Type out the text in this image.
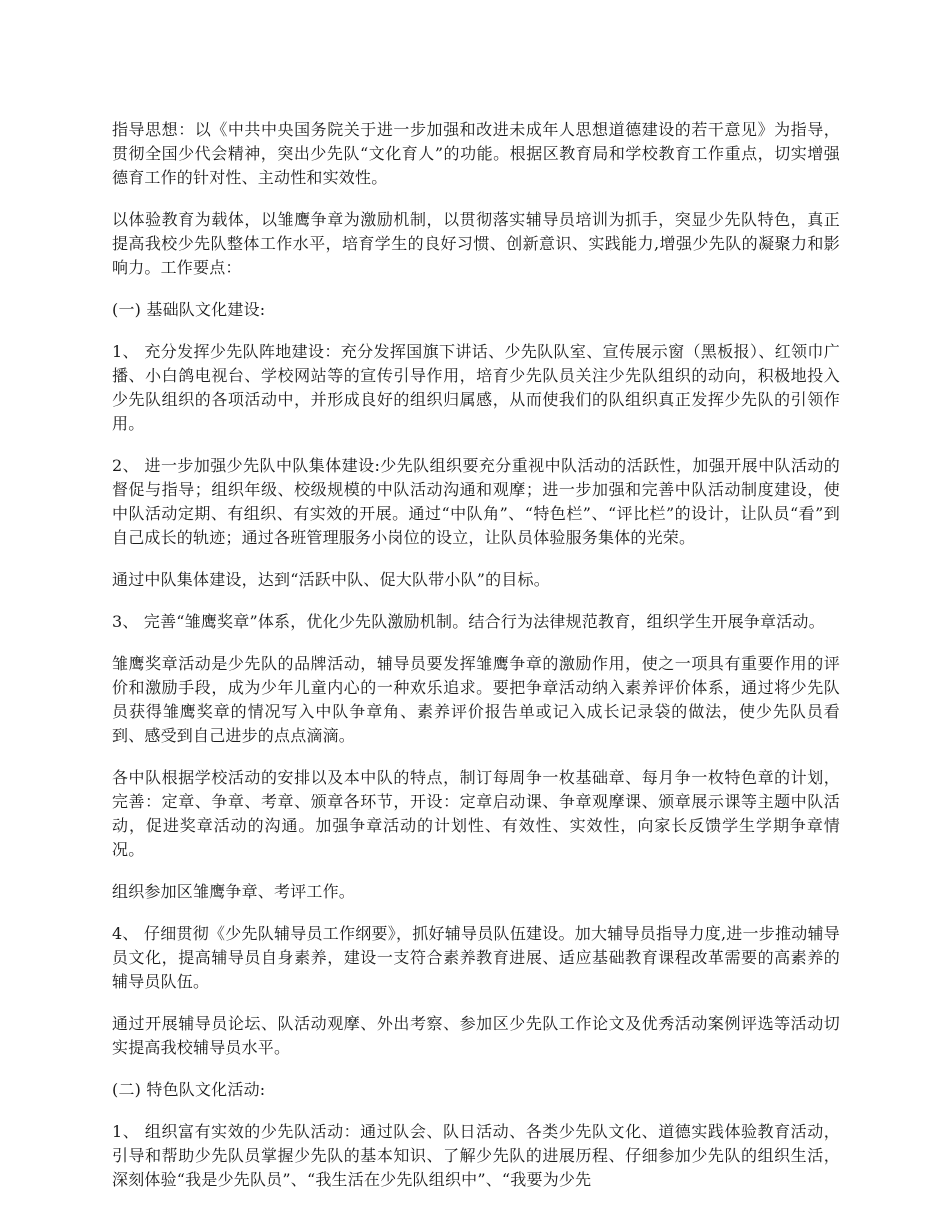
指导思想：以《中共中央国务院关于进一步加强和改进未成年人思想道德建设的若干意见》为指导，贯彻全国少代会精神，突出少先队“文化育人”的功能。根据区教育局和学校教育工作重点，切实增强德育工作的针对性、主动性和实效性。

以体验教育为载体，以雏鹰争章为激励机制，以贯彻落实辅导员培训为抓手，突显少先队特色，真正提高我校少先队整体工作水平，培育学生的良好习惯、创新意识、实践能力,增强少先队的凝聚力和影响力。工作要点：

(一) 基础队文化建设:

1、 充分发挥少先队阵地建设：充分发挥国旗下讲话、少先队队室、宣传展示窗（黑板报）、红领巾广播、小白鸽电视台、学校网站等的宣传引导作用，培育少先队员关注少先队组织的动向，积极地投入少先队组织的各项活动中，并形成良好的组织归属感，从而使我们的队组织真正发挥少先队的引领作用。

2、 进一步加强少先队中队集体建设:少先队组织要充分重视中队活动的活跃性，加强开展中队活动的督促与指导；组织年级、校级规模的中队活动沟通和观摩；进一步加强和完善中队活动制度建设，使中队活动定期、有组织、有实效的开展。通过“中队角”、“特色栏”、“评比栏”的设计，让队员“看”到自己成长的轨迹；通过各班管理服务小岗位的设立，让队员体验服务集体的光荣。

通过中队集体建设，达到“活跃中队、促大队带小队”的目标。

3、 完善“雏鹰奖章”体系，优化少先队激励机制。结合行为法律规范教育，组织学生开展争章活动。

雏鹰奖章活动是少先队的品牌活动，辅导员要发挥雏鹰争章的激励作用，使之一项具有重要作用的评价和激励手段，成为少年儿童内心的一种欢乐追求。要把争章活动纳入素养评价体系，通过将少先队员获得雏鹰奖章的情况写入中队争章角、素养评价报告单或记入成长记录袋的做法，使少先队员看到、感受到自己进步的点点滴滴。

各中队根据学校活动的安排以及本中队的特点，制订每周争一枚基础章、每月争一枚特色章的计划，完善：定章、争章、考章、颁章各环节，开设：定章启动课、争章观摩课、颁章展示课等主题中队活动，促进奖章活动的沟通。加强争章活动的计划性、有效性、实效性，向家长反馈学生学期争章情况。

组织参加区雏鹰争章、考评工作。

4、 仔细贯彻《少先队辅导员工作纲要》，抓好辅导员队伍建设。加大辅导员指导力度,进一步推动辅导员文化，提高辅导员自身素养，建设一支符合素养教育进展、适应基础教育课程改革需要的高素养的辅导员队伍。

通过开展辅导员论坛、队活动观摩、外出考察、参加区少先队工作论文及优秀活动案例评选等活动切实提高我校辅导员水平。

(二) 特色队文化活动:

1、 组织富有实效的少先队活动：通过队会、队日活动、各类少先队文化、道德实践体验教育活动，引导和帮助少先队员掌握少先队的基本知识、了解少先队的进展历程、仔细参加少先队的组织生活，深刻体验“我是少先队员”、“我生活在少先队组织中”、“我要为少先
